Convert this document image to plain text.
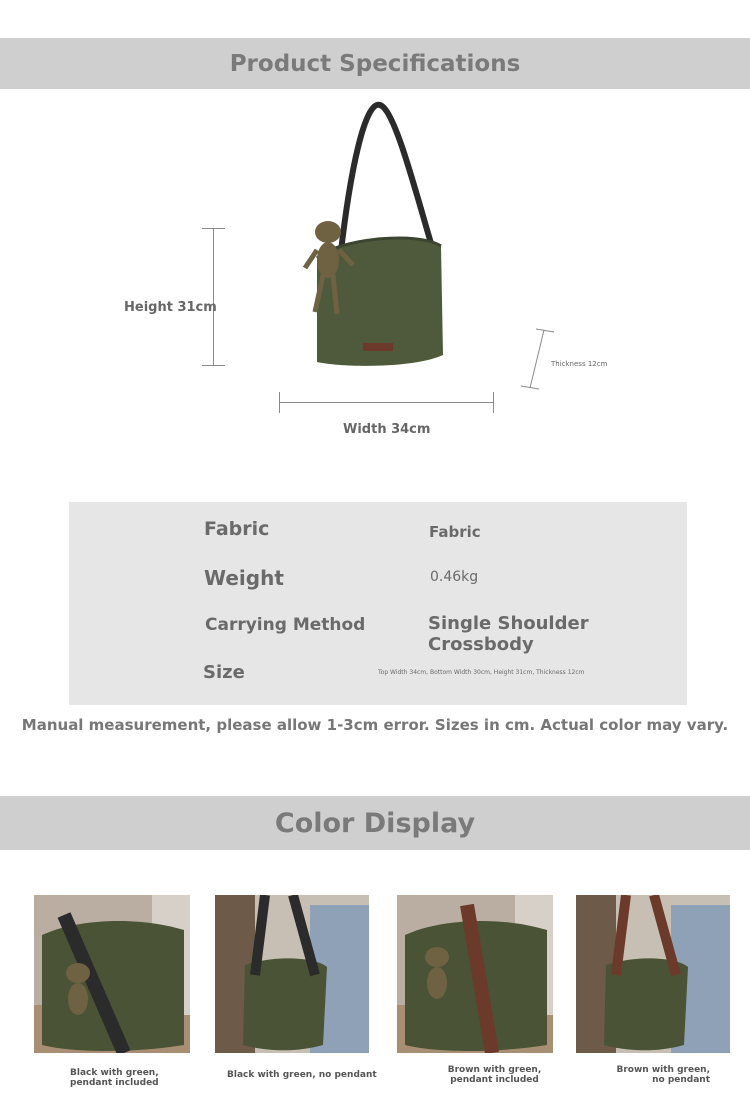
Product Specifications
Height 31cm
Width 34cm
Thickness 12cm
Fabric	Fabric
Weight	0.46kg
Carrying Method	Single Shoulder Crossbody
Size	Top Width 34cm, Bottom Width 30cm, Height 31cm, Thickness 12cm
Manual measurement, please allow 1-3cm error. Sizes in cm. Actual color may vary.
Color Display
Black with green, pendant included
Black with green, no pendant	Brown with green, pendant included
Brown with green, no pendant
